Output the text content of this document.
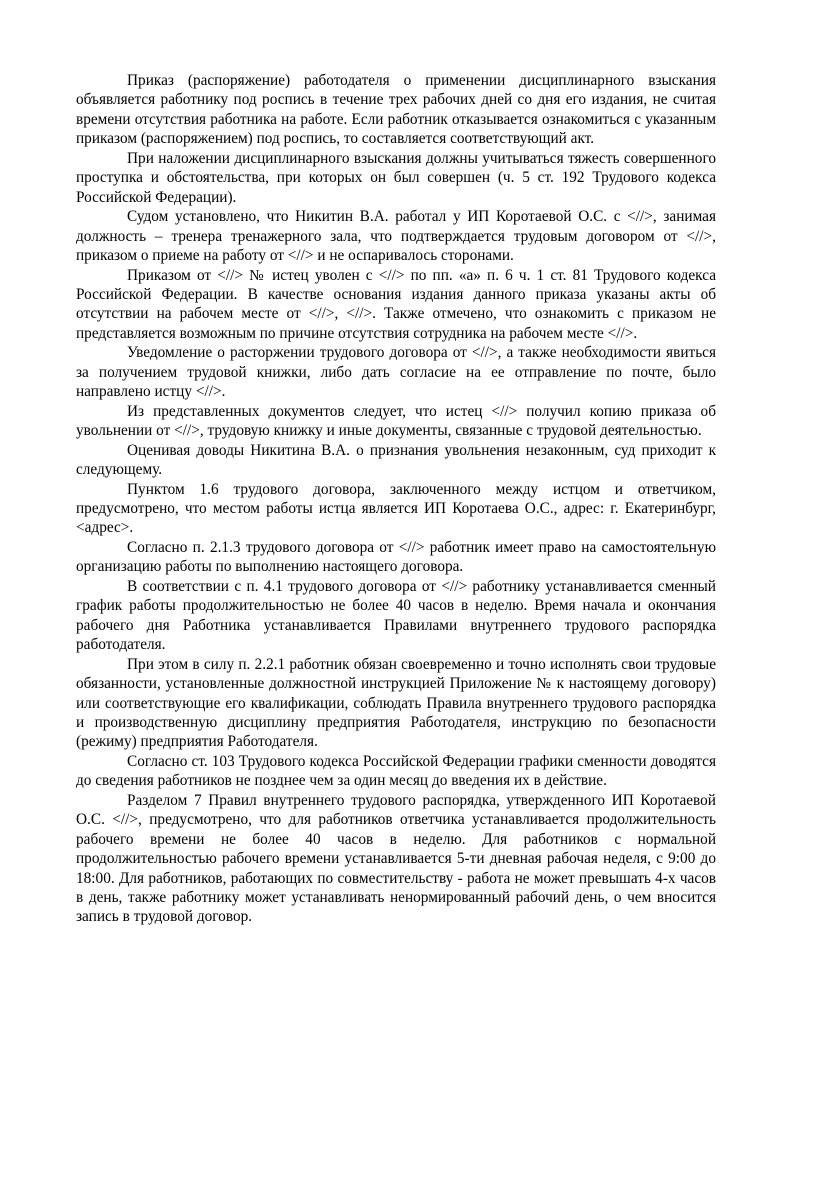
Приказ (распоряжение) работодателя о применении дисциплинарного взыскания объявляется работнику под роспись в течение трех рабочих дней со дня его издания, не считая времени отсутствия работника на работе. Если работник отказывается ознакомиться с указанным приказом (распоряжением) под роспись, то составляется соответствующий акт.

При наложении дисциплинарного взыскания должны учитываться тяжесть совершенного проступка и обстоятельства, при которых он был совершен (ч. 5 ст. 192 Трудового кодекса Российской Федерации).

Судом установлено, что Никитин В.А. работал у ИП Коротаевой О.С. с <//>, занимая должность – тренера тренажерного зала, что подтверждается трудовым договором от <//>, приказом о приеме на работу от <//> и не оспаривалось сторонами.

Приказом от <//> № истец уволен с <//> по пп. «а» п. 6 ч. 1 ст. 81 Трудового кодекса Российской Федерации. В качестве основания издания данного приказа указаны акты об отсутствии на рабочем месте от <//>, <//>. Также отмечено, что ознакомить с приказом не представляется возможным по причине отсутствия сотрудника на рабочем месте <//>.

Уведомление о расторжении трудового договора от <//>, а также необходимости явиться за получением трудовой книжки, либо дать согласие на ее отправление по почте, было направлено истцу <//>.

Из представленных документов следует, что истец <//> получил копию приказа об увольнении от <//>, трудовую книжку и иные документы, связанные с трудовой деятельностью.

Оценивая доводы Никитина В.А. о признания увольнения незаконным, суд приходит к следующему.

Пунктом 1.6 трудового договора, заключенного между истцом и ответчиком, предусмотрено, что местом работы истца является ИП Коротаева О.С., адрес: г. Екатеринбург, <адрес>.

Согласно п. 2.1.3 трудового договора от <//> работник имеет право на самостоятельную организацию работы по выполнению настоящего договора.

В соответствии с п. 4.1 трудового договора от <//> работнику устанавливается сменный график работы продолжительностью не более 40 часов в неделю. Время начала и окончания рабочего дня Работника устанавливается Правилами внутреннего трудового распорядка работодателя.

При этом в силу п. 2.2.1 работник обязан своевременно и точно исполнять свои трудовые обязанности, установленные должностной инструкцией Приложение № к настоящему договору) или соответствующие его квалификации, соблюдать Правила внутреннего трудового распорядка и производственную дисциплину предприятия Работодателя, инструкцию по безопасности (режиму) предприятия Работодателя.

Согласно ст. 103 Трудового кодекса Российской Федерации графики сменности доводятся до сведения работников не позднее чем за один месяц до введения их в действие.

Разделом 7 Правил внутреннего трудового распорядка, утвержденного ИП Коротаевой О.С. <//>, предусмотрено, что для работников ответчика устанавливается продолжительность рабочего времени не более 40 часов в неделю. Для работников с нормальной продолжительностью рабочего времени устанавливается 5-ти дневная рабочая неделя, с 9:00 до 18:00. Для работников, работающих по совместительству - работа не может превышать 4-х часов в день, также работнику может устанавливать ненормированный рабочий день, о чем вносится запись в трудовой договор.
